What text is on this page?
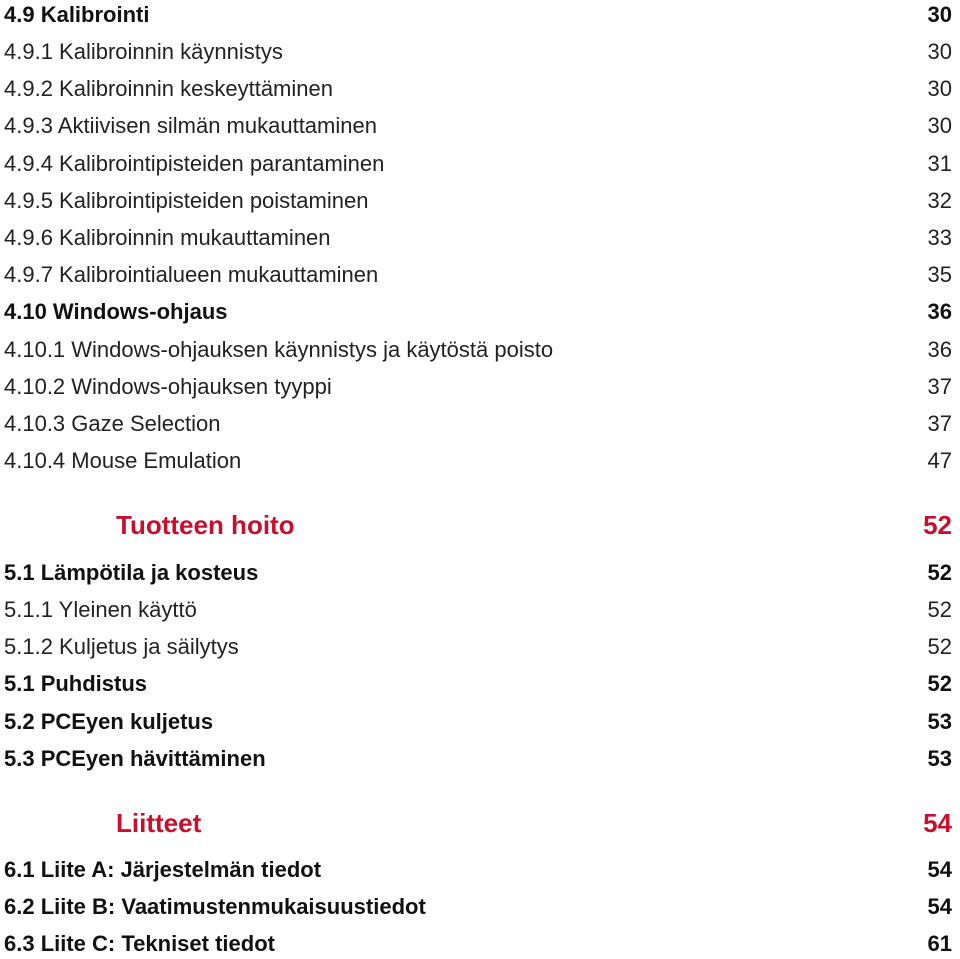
4.9 Kalibrointi	30
4.9.1 Kalibroinnin käynnistys	30
4.9.2 Kalibroinnin keskeyttäminen	30
4.9.3 Aktiivisen silmän mukauttaminen	30
4.9.4 Kalibrointipisteiden parantaminen	31
4.9.5 Kalibrointipisteiden poistaminen	32
4.9.6 Kalibroinnin mukauttaminen	33
4.9.7 Kalibrointialueen mukauttaminen	35
4.10 Windows-ohjaus	36
4.10.1 Windows-ohjauksen käynnistys ja käytöstä poisto	36
4.10.2 Windows-ohjauksen tyyppi	37
4.10.3 Gaze Selection	37
4.10.4 Mouse Emulation	47
Tuotteen hoito	52
5.1 Lämpötila ja kosteus	52
5.1.1 Yleinen käyttö	52
5.1.2 Kuljetus ja säilytys	52
5.1 Puhdistus	52
5.2 PCEyen kuljetus	53
5.3 PCEyen hävittäminen	53
Liitteet	54
6.1 Liite A: Järjestelmän tiedot	54
6.2 Liite B: Vaatimustenmukaisuustiedot	54
6.3 Liite C: Tekniset tiedot	61
